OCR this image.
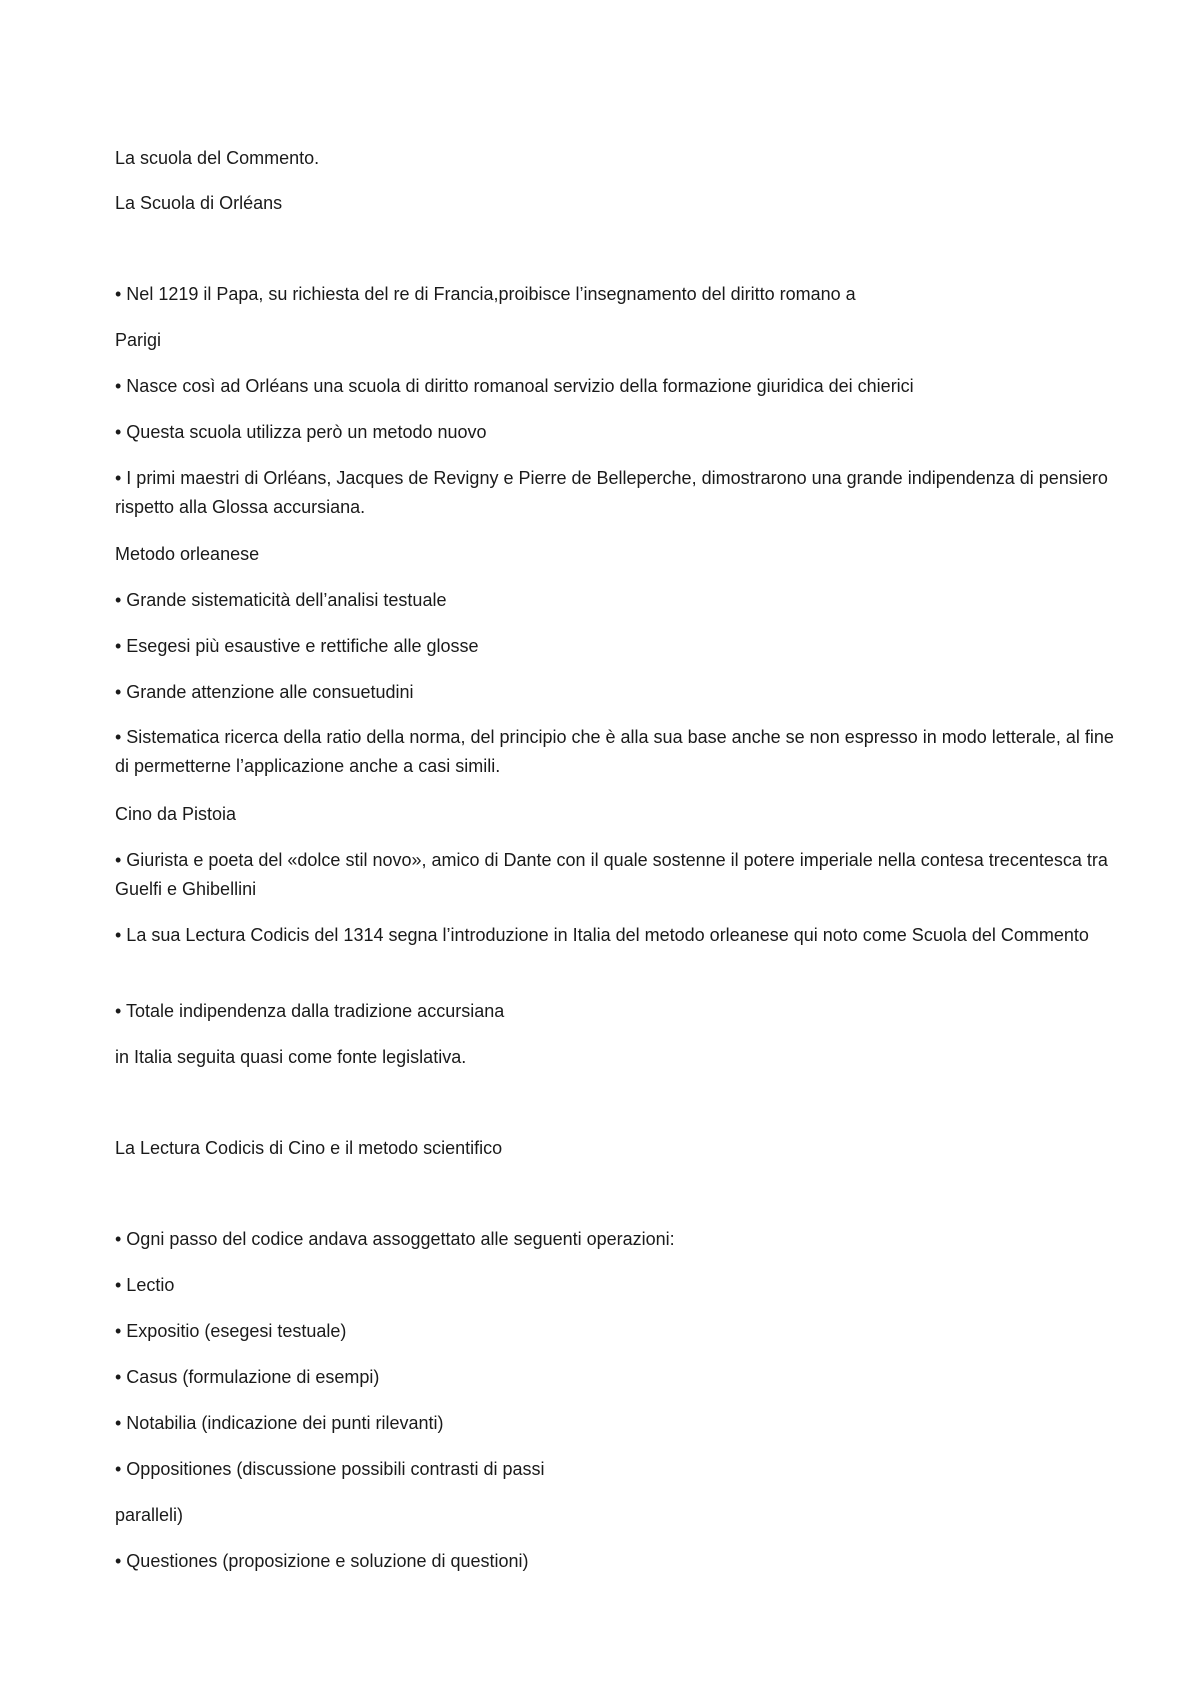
La scuola del Commento.

La Scuola di Orléans

• Nel 1219 il Papa, su richiesta del re di Francia,proibisce l’insegnamento del diritto romano a

Parigi

• Nasce così ad Orléans una scuola di diritto romanoal servizio della formazione giuridica dei chierici

• Questa scuola utilizza però un metodo nuovo

• I primi maestri di Orléans, Jacques de Revigny e Pierre de Belleperche, dimostrarono una grande indipendenza di pensiero rispetto alla Glossa accursiana.

Metodo orleanese

• Grande sistematicità dell’analisi testuale

• Esegesi più esaustive e rettifiche alle glosse

• Grande attenzione alle consuetudini

• Sistematica ricerca della ratio della norma, del principio che è alla sua base anche se non espresso in modo letterale, al fine di permetterne l’applicazione anche a casi simili.

Cino da Pistoia

• Giurista e poeta del «dolce stil novo», amico di Dante con il quale sostenne il potere imperiale nella contesa trecentesca tra Guelfi e Ghibellini

• La sua Lectura Codicis del 1314 segna l’introduzione in Italia del metodo orleanese qui noto come Scuola del Commento

• Totale indipendenza dalla tradizione accursiana

in Italia seguita quasi come fonte legislativa.

La Lectura Codicis di Cino e il metodo scientifico

• Ogni passo del codice andava assoggettato alle seguenti operazioni:

• Lectio

• Expositio (esegesi testuale)

• Casus (formulazione di esempi)

• Notabilia (indicazione dei punti rilevanti)

• Oppositiones (discussione possibili contrasti di passi

paralleli)

• Questiones (proposizione e soluzione di questioni)
